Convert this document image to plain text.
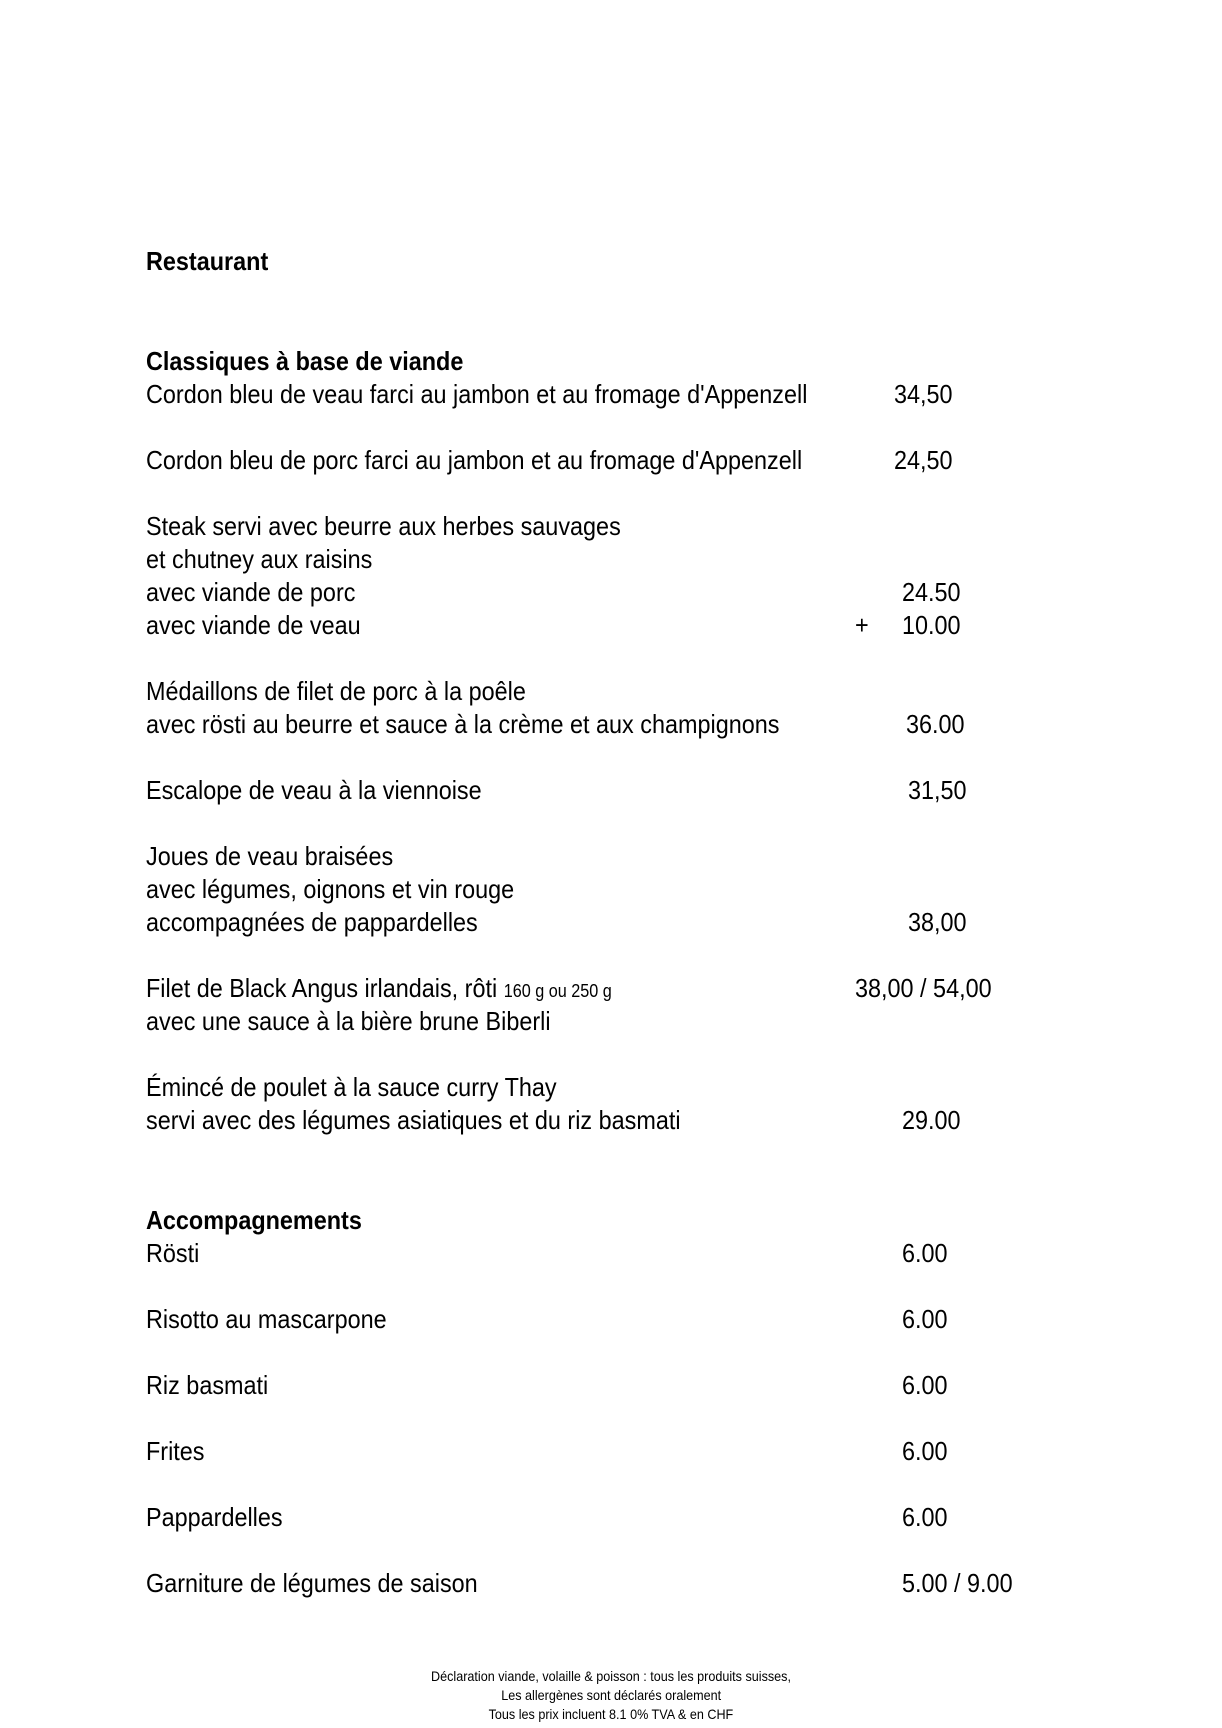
Restaurant
Classiques à base de viande
Cordon bleu de veau farci au jambon et au fromage d'Appenzell	34,50
Cordon bleu de porc farci au jambon et au fromage d'Appenzell	24,50
Steak servi avec beurre aux herbes sauvages
et chutney aux raisins
avec viande de porc	24.50
avec viande de veau	+ 10.00
Médaillons de filet de porc à la poêle
avec rösti au beurre et sauce à la crème et aux champignons	36.00
Escalope de veau à la viennoise	31,50
Joues de veau braisées
avec légumes, oignons et vin rouge
accompagnées de pappardelles	38,00
Filet de Black Angus irlandais, rôti 160 g ou 250 g	38,00 / 54,00
avec une sauce à la bière brune Biberli
Émincé de poulet à la sauce curry Thay
servi avec des légumes asiatiques et du riz basmati	29.00
Accompagnements
Rösti	6.00
Risotto au mascarpone	6.00
Riz basmati	6.00
Frites	6.00
Pappardelles	6.00
Garniture de légumes de saison	5.00 / 9.00
Déclaration viande, volaille & poisson : tous les produits suisses,
Les allergènes sont déclarés oralement
Tous les prix incluent 8.1 0% TVA & en CHF
